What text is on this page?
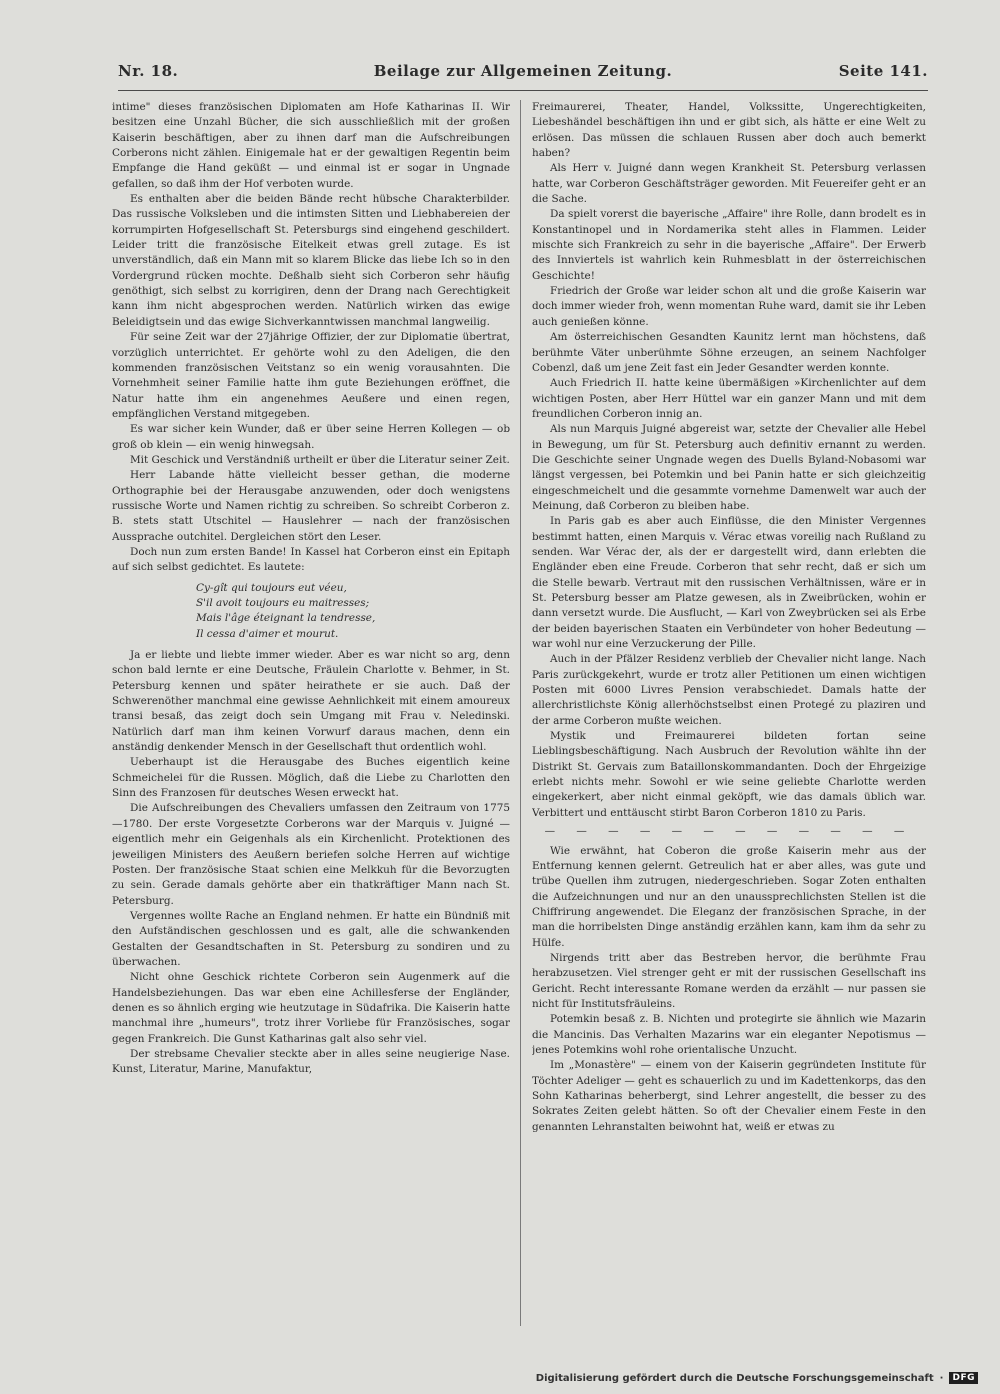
Nr. 18.	Beilage zur Allgemeinen Zeitung.	Seite 141.

intime" dieses französischen Diplomaten am Hofe Katharinas II. Wir besitzen eine Unzahl Bücher, die sich ausschließlich mit der großen Kaiserin beschäftigen, aber zu ihnen darf man die Aufschreibungen Corberons nicht zählen. Einigemale hat er der gewaltigen Regentin beim Empfange die Hand geküßt — und einmal ist er sogar in Ungnade gefallen, so daß ihm der Hof verboten wurde.

Es enthalten aber die beiden Bände recht hübsche Charakterbilder. Das russische Volksleben und die intimsten Sitten und Liebhabereien der korrumpirten Hofgesellschaft St. Petersburgs sind eingehend geschildert. Leider tritt die französische Eitelkeit etwas grell zutage. Es ist unverständlich, daß ein Mann mit so klarem Blicke das liebe Ich so in den Vordergrund rücken mochte. Deßhalb sieht sich Corberon sehr häufig genöthigt, sich selbst zu korrigiren, denn der Drang nach Gerechtigkeit kann ihm nicht abgesprochen werden. Natürlich wirken das ewige Beleidigtsein und das ewige Sichverkanntwissen manchmal langweilig.

Für seine Zeit war der 27jährige Offizier, der zur Diplomatie übertrat, vorzüglich unterrichtet. Er gehörte wohl zu den Adeligen, die den kommenden französischen Veitstanz so ein wenig vorausahnten. Die Vornehmheit seiner Familie hatte ihm gute Beziehungen eröffnet, die Natur hatte ihm ein angenehmes Aeußere und einen regen, empfänglichen Verstand mitgegeben.

Es war sicher kein Wunder, daß er über seine Herren Kollegen — ob groß ob klein — ein wenig hinwegsah.

Mit Geschick und Verständniß urtheilt er über die Literatur seiner Zeit.

Herr Labande hätte vielleicht besser gethan, die moderne Orthographie bei der Herausgabe anzuwenden, oder doch wenigstens russische Worte und Namen richtig zu schreiben. So schreibt Corberon z. B. stets statt Utschitel — Hauslehrer — nach der französischen Aussprache outchitel. Dergleichen stört den Leser.

Doch nun zum ersten Bande! In Kassel hat Corberon einst ein Epitaph auf sich selbst gedichtet. Es lautete:

Cy-gît qui toujours eut véeu,
S'il avoit toujours eu maitresses;
Mais l'âge éteignant la tendresse,
Il cessa d'aimer et mourut.

Ja er liebte und liebte immer wieder. Aber es war nicht so arg, denn schon bald lernte er eine Deutsche, Fräulein Charlotte v. Behmer, in St. Petersburg kennen und später heirathete er sie auch. Daß der Schwerenöther manchmal eine gewisse Aehnlichkeit mit einem amoureux transi besaß, das zeigt doch sein Umgang mit Frau v. Neledinski. Natürlich darf man ihm keinen Vorwurf daraus machen, denn ein anständig denkender Mensch in der Gesellschaft thut ordentlich wohl.

Ueberhaupt ist die Herausgabe des Buches eigentlich keine Schmeichelei für die Russen. Möglich, daß die Liebe zu Charlotten den Sinn des Franzosen für deutsches Wesen erweckt hat.

Die Aufschreibungen des Chevaliers umfassen den Zeitraum von 1775—1780. Der erste Vorgesetzte Corberons war der Marquis v. Juigné — eigentlich mehr ein Geigenhals als ein Kirchenlicht. Protektionen des jeweiligen Ministers des Aeußern beriefen solche Herren auf wichtige Posten. Der französische Staat schien eine Melkkuh für die Bevorzugten zu sein. Gerade damals gehörte aber ein thatkräftiger Mann nach St. Petersburg.

Vergennes wollte Rache an England nehmen. Er hatte ein Bündniß mit den Aufständischen geschlossen und es galt, alle die schwankenden Gestalten der Gesandtschaften in St. Petersburg zu sondiren und zu überwachen.

Nicht ohne Geschick richtete Corberon sein Augenmerk auf die Handelsbeziehungen. Das war eben eine Achillesferse der Engländer, denen es so ähnlich erging wie heutzutage in Südafrika. Die Kaiserin hatte manchmal ihre „humeurs", trotz ihrer Vorliebe für Französisches, sogar gegen Frankreich. Die Gunst Katharinas galt also sehr viel.

Der strebsame Chevalier steckte aber in alles seine neugierige Nase. Kunst, Literatur, Marine, Manufaktur,

Freimaurerei, Theater, Handel, Volkssitte, Ungerechtigkeiten, Liebeshändel beschäftigen ihn und er gibt sich, als hätte er eine Welt zu erlösen. Das müssen die schlauen Russen aber doch auch bemerkt haben?

Als Herr v. Juigné dann wegen Krankheit St. Petersburg verlassen hatte, war Corberon Geschäftsträger geworden. Mit Feuereifer geht er an die Sache.

Da spielt vorerst die bayerische „Affaire" ihre Rolle, dann brodelt es in Konstantinopel und in Nordamerika steht alles in Flammen. Leider mischte sich Frankreich zu sehr in die bayerische „Affaire". Der Erwerb des Innviertels ist wahrlich kein Ruhmesblatt in der österreichischen Geschichte!

Friedrich der Große war leider schon alt und die große Kaiserin war doch immer wieder froh, wenn momentan Ruhe ward, damit sie ihr Leben auch genießen könne.

Am österreichischen Gesandten Kaunitz lernt man höchstens, daß berühmte Väter unberühmte Söhne erzeugen, an seinem Nachfolger Cobenzl, daß um jene Zeit fast ein Jeder Gesandter werden konnte.

Auch Friedrich II. hatte keine übermäßigen »Kirchenlichter auf dem wichtigen Posten, aber Herr Hüttel war ein ganzer Mann und mit dem freundlichen Corberon innig an.

Als nun Marquis Juigné abgereist war, setzte der Chevalier alle Hebel in Bewegung, um für St. Petersburg auch definitiv ernannt zu werden. Die Geschichte seiner Ungnade wegen des Duells Byland-Nobasomi war längst vergessen, bei Potemkin und bei Panin hatte er sich gleichzeitig eingeschmeichelt und die gesammte vornehme Damenwelt war auch der Meinung, daß Corberon zu bleiben habe.

In Paris gab es aber auch Einflüsse, die den Minister Vergennes bestimmt hatten, einen Marquis v. Vérac etwas voreilig nach Rußland zu senden. War Vérac der, als der er dargestellt wird, dann erlebten die Engländer eben eine Freude. Corberon that sehr recht, daß er sich um die Stelle bewarb. Vertraut mit den russischen Verhältnissen, wäre er in St. Petersburg besser am Platze gewesen, als in Zweibrücken, wohin er dann versetzt wurde. Die Ausflucht, — Karl von Zweybrücken sei als Erbe der beiden bayerischen Staaten ein Verbündeter von hoher Bedeutung — war wohl nur eine Verzuckerung der Pille.

Auch in der Pfälzer Residenz verblieb der Chevalier nicht lange. Nach Paris zurückgekehrt, wurde er trotz aller Petitionen um einen wichtigen Posten mit 6000 Livres Pension verabschiedet. Damals hatte der allerchristlichste König allerhöchstselbst einen Protegé zu plaziren und der arme Corberon mußte weichen.

Mystik und Freimaurerei bildeten fortan seine Lieblingsbeschäftigung. Nach Ausbruch der Revolution wählte ihn der Distrikt St. Gervais zum Bataillonskommandanten. Doch der Ehrgeizige erlebt nichts mehr. Sowohl er wie seine geliebte Charlotte werden eingekerkert, aber nicht einmal geköpft, wie das damals üblich war. Verbittert und enttäuscht stirbt Baron Corberon 1810 zu Paris.

— — — — — — — — — — — —

Wie erwähnt, hat Coberon die große Kaiserin mehr aus der Entfernung kennen gelernt. Getreulich hat er aber alles, was gute und trübe Quellen ihm zutrugen, niedergeschrieben. Sogar Zoten enthalten die Aufzeichnungen und nur an den unaussprechlichsten Stellen ist die Chiffrirung angewendet. Die Eleganz der französischen Sprache, in der man die horribelsten Dinge anständig erzählen kann, kam ihm da sehr zu Hülfe.

Nirgends tritt aber das Bestreben hervor, die berühmte Frau herabzusetzen. Viel strenger geht er mit der russischen Gesellschaft ins Gericht. Recht interessante Romane werden da erzählt — nur passen sie nicht für Institutsfräuleins.

Potemkin besaß z. B. Nichten und protegirte sie ähnlich wie Mazarin die Mancinis. Das Verhalten Mazarins war ein eleganter Nepotismus — jenes Potemkins wohl rohe orientalische Unzucht.

Im „Monastère" — einem von der Kaiserin gegründeten Institute für Töchter Adeliger — geht es schauerlich zu und im Kadettenkorps, das den Sohn Katharinas beherbergt, sind Lehrer angestellt, die besser zu des Sokrates Zeiten gelebt hätten. So oft der Chevalier einem Feste in den genannten Lehranstalten beiwohnt hat, weiß er etwas zu

Digitalisierung gefördert durch die Deutsche Forschungsgemeinschaft ·	DFG
